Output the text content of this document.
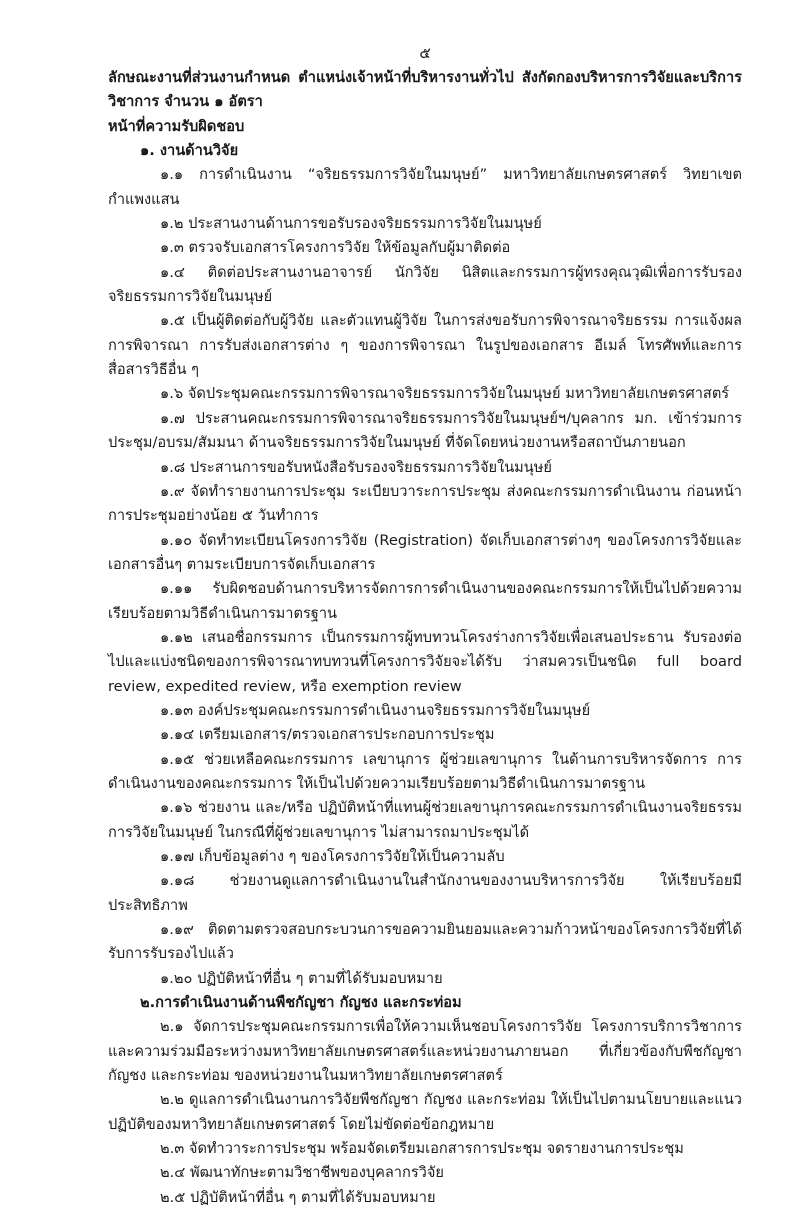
๕

ลักษณะงานที่ส่วนงานกำหนด ตำแหน่งเจ้าหน้าที่บริหารงานทั่วไป สังกัดกองบริหารการวิจัยและบริการวิชาการ จำนวน ๑ อัตรา

หน้าที่ความรับผิดชอบ

๑. งานด้านวิจัย

๑.๑ การดำเนินงาน “จริยธรรมการวิจัยในมนุษย์” มหาวิทยาลัยเกษตรศาสตร์ วิทยาเขตกำแพงแสน

๑.๒ ประสานงานด้านการขอรับรองจริยธรรมการวิจัยในมนุษย์

๑.๓ ตรวจรับเอกสารโครงการวิจัย ให้ข้อมูลกับผู้มาติดต่อ

๑.๔ ติดต่อประสานงานอาจารย์ นักวิจัย นิสิตและกรรมการผู้ทรงคุณวุฒิเพื่อการรับรองจริยธรรมการวิจัยในมนุษย์

๑.๕ เป็นผู้ติดต่อกับผู้วิจัย และตัวแทนผู้วิจัย ในการส่งขอรับการพิจารณาจริยธรรม การแจ้งผลการพิจารณา การรับส่งเอกสารต่าง ๆ ของการพิจารณา ในรูปของเอกสาร อีเมล์ โทรศัพท์และการสื่อสารวิธีอื่น ๆ

๑.๖ จัดประชุมคณะกรรมการพิจารณาจริยธรรมการวิจัยในมนุษย์ มหาวิทยาลัยเกษตรศาสตร์

๑.๗ ประสานคณะกรรมการพิจารณาจริยธรรมการวิจัยในมนุษย์ฯ/บุคลากร มก. เข้าร่วมการประชุม/อบรม/สัมมนา ด้านจริยธรรมการวิจัยในมนุษย์ ที่จัดโดยหน่วยงานหรือสถาบันภายนอก

๑.๘ ประสานการขอรับหนังสือรับรองจริยธรรมการวิจัยในมนุษย์

๑.๙ จัดทำรายงานการประชุม ระเบียบวาระการประชุม ส่งคณะกรรมการดำเนินงาน ก่อนหน้า การประชุมอย่างน้อย ๕ วันทำการ

๑.๑๐ จัดทำทะเบียนโครงการวิจัย (Registration) จัดเก็บเอกสารต่างๆ ของโครงการวิจัยและเอกสารอื่นๆ ตามระเบียบการจัดเก็บเอกสาร

๑.๑๑ รับผิดชอบด้านการบริหารจัดการการดำเนินงานของคณะกรรมการให้เป็นไปด้วยความเรียบร้อยตามวิธีดำเนินการมาตรฐาน

๑.๑๒ เสนอชื่อกรรมการ เป็นกรรมการผู้ทบทวนโครงร่างการวิจัยเพื่อเสนอประธาน รับรองต่อไปและแบ่งชนิดของการพิจารณาทบทวนที่โครงการวิจัยจะได้รับ ว่าสมควรเป็นชนิด full board review, expedited review, หรือ exemption review

๑.๑๓ องค์ประชุมคณะกรรมการดำเนินงานจริยธรรมการวิจัยในมนุษย์

๑.๑๔ เตรียมเอกสาร/ตรวจเอกสารประกอบการประชุม

๑.๑๕ ช่วยเหลือคณะกรรมการ เลขานุการ ผู้ช่วยเลขานุการ ในด้านการบริหารจัดการ การดำเนินงานของคณะกรรมการ ให้เป็นไปด้วยความเรียบร้อยตามวิธีดำเนินการมาตรฐาน

๑.๑๖ ช่วยงาน และ/หรือ ปฏิบัติหน้าที่แทนผู้ช่วยเลขานุการคณะกรรมการดำเนินงานจริยธรรมการวิจัยในมนุษย์ ในกรณีที่ผู้ช่วยเลขานุการ ไม่สามารถมาประชุมได้

๑.๑๗ เก็บข้อมูลต่าง ๆ ของโครงการวิจัยให้เป็นความลับ

๑.๑๘ ช่วยงานดูแลการดำเนินงานในสำนักงานของงานบริหารการวิจัย ให้เรียบร้อยมีประสิทธิภาพ

๑.๑๙ ติดตามตรวจสอบกระบวนการขอความยินยอมและความก้าวหน้าของโครงการวิจัยที่ได้รับการรับรองไปแล้ว

๑.๒๐ ปฏิบัติหน้าที่อื่น ๆ ตามที่ได้รับมอบหมาย

๒.การดำเนินงานด้านพืชกัญชา กัญชง และกระท่อม

๒.๑ จัดการประชุมคณะกรรมการเพื่อให้ความเห็นชอบโครงการวิจัย โครงการบริการวิชาการ และความร่วมมือระหว่างมหาวิทยาลัยเกษตรศาสตร์และหน่วยงานภายนอก ที่เกี่ยวข้องกับพืชกัญชา กัญชง และกระท่อม ของหน่วยงานในมหาวิทยาลัยเกษตรศาสตร์

๒.๒ ดูแลการดำเนินงานการวิจัยพืชกัญชา กัญชง และกระท่อม ให้เป็นไปตามนโยบายและแนวปฏิบัติของมหาวิทยาลัยเกษตรศาสตร์ โดยไม่ขัดต่อข้อกฎหมาย

๒.๓ จัดทำวาระการประชุม พร้อมจัดเตรียมเอกสารการประชุม จดรายงานการประชุม

๒.๔ พัฒนาทักษะตามวิชาชีพของบุคลากรวิจัย

๒.๕ ปฏิบัติหน้าที่อื่น ๆ ตามที่ได้รับมอบหมาย
